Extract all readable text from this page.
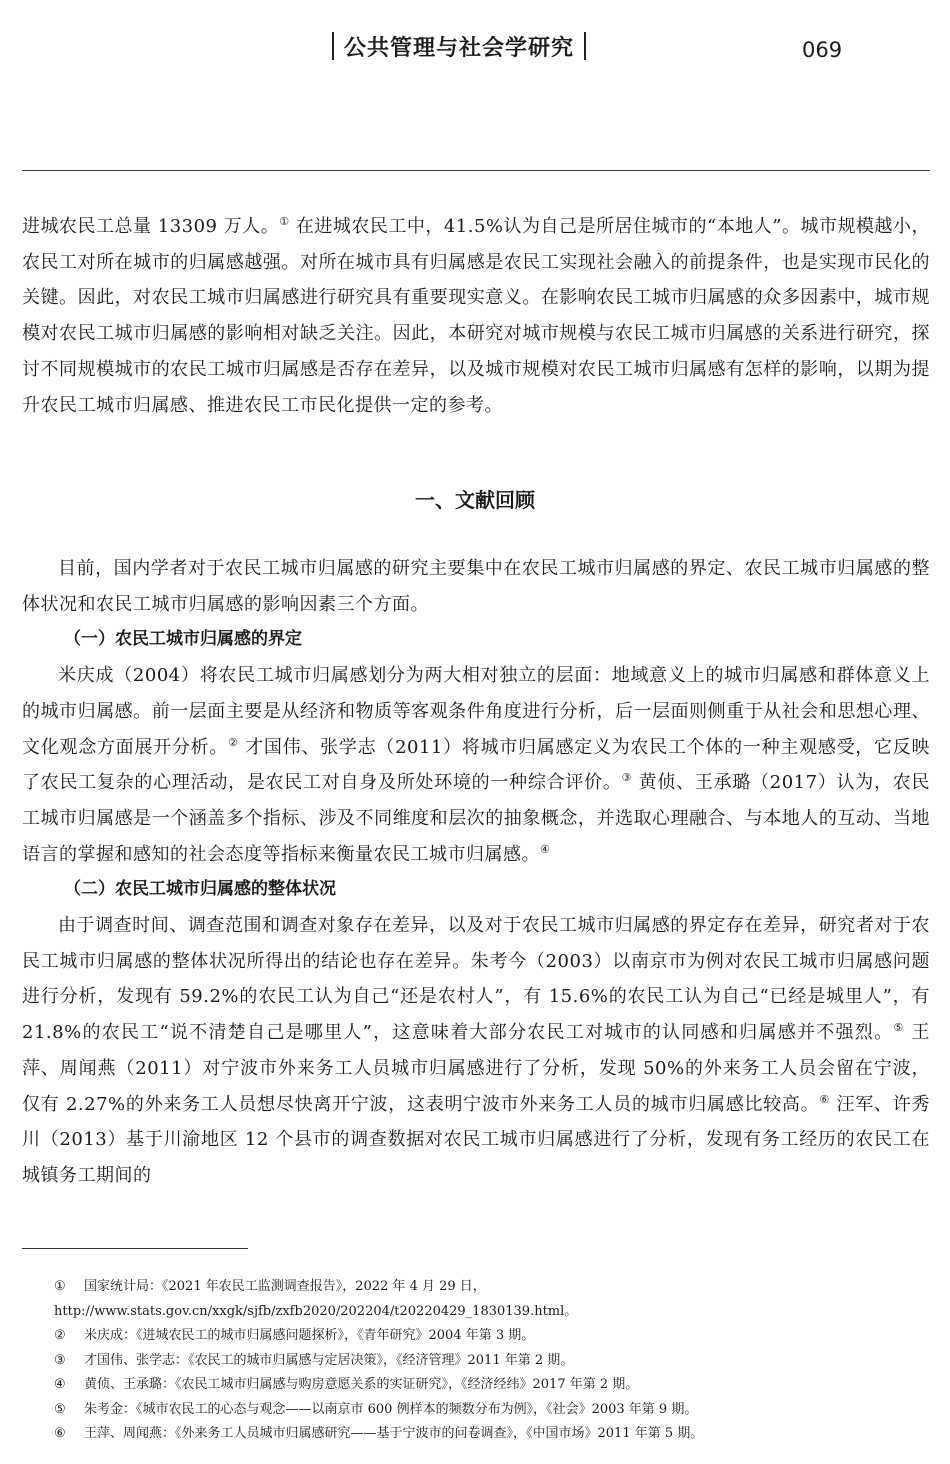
公共管理与社会学研究	069

进城农民工总量 13309 万人。① 在进城农民工中，41.5%认为自己是所居住城市的“本地人”。城市规模越小，农民工对所在城市的归属感越强。对所在城市具有归属感是农民工实现社会融入的前提条件，也是实现市民化的关键。因此，对农民工城市归属感进行研究具有重要现实意义。在影响农民工城市归属感的众多因素中，城市规模对农民工城市归属感的影响相对缺乏关注。因此，本研究对城市规模与农民工城市归属感的关系进行研究，探讨不同规模城市的农民工城市归属感是否存在差异，以及城市规模对农民工城市归属感有怎样的影响，以期为提升农民工城市归属感、推进农民工市民化提供一定的参考。

一、文献回顾

目前，国内学者对于农民工城市归属感的研究主要集中在农民工城市归属感的界定、农民工城市归属感的整体状况和农民工城市归属感的影响因素三个方面。

（一）农民工城市归属感的界定

米庆成（2004）将农民工城市归属感划分为两大相对独立的层面：地域意义上的城市归属感和群体意义上的城市归属感。前一层面主要是从经济和物质等客观条件角度进行分析，后一层面则侧重于从社会和思想心理、文化观念方面展开分析。② 才国伟、张学志（2011）将城市归属感定义为农民工个体的一种主观感受，它反映了农民工复杂的心理活动，是农民工对自身及所处环境的一种综合评价。③ 黄侦、王承璐（2017）认为，农民工城市归属感是一个涵盖多个指标、涉及不同维度和层次的抽象概念，并选取心理融合、与本地人的互动、当地语言的掌握和感知的社会态度等指标来衡量农民工城市归属感。④

（二）农民工城市归属感的整体状况

由于调查时间、调查范围和调查对象存在差异，以及对于农民工城市归属感的界定存在差异，研究者对于农民工城市归属感的整体状况所得出的结论也存在差异。朱考今（2003）以南京市为例对农民工城市归属感问题进行分析，发现有 59.2%的农民工认为自己“还是农村人”，有 15.6%的农民工认为自己“已经是城里人”，有 21.8%的农民工“说不清楚自己是哪里人”，这意味着大部分农民工对城市的认同感和归属感并不强烈。⑤ 王萍、周闻燕（2011）对宁波市外来务工人员城市归属感进行了分析，发现 50%的外来务工人员会留在宁波，仅有 2.27%的外来务工人员想尽快离开宁波，这表明宁波市外来务工人员的城市归属感比较高。⑥ 汪军、许秀川（2013）基于川渝地区 12 个县市的调查数据对农民工城市归属感进行了分析，发现有务工经历的农民工在城镇务工期间的

① 国家统计局：《2021 年农民工监测调查报告》，2022 年 4 月 29 日，http://www.stats.gov.cn/xxgk/sjfb/zxfb2020/202204/t20220429_1830139.html。

② 米庆成：《进城农民工的城市归属感问题探析》，《青年研究》2004 年第 3 期。

③ 才国伟、张学志：《农民工的城市归属感与定居决策》，《经济管理》2011 年第 2 期。

④ 黄侦、王承璐：《农民工城市归属感与购房意愿关系的实证研究》，《经济经纬》2017 年第 2 期。

⑤ 朱考金：《城市农民工的心态与观念——以南京市 600 例样本的频数分布为例》，《社会》2003 年第 9 期。

⑥ 王萍、周闻燕：《外来务工人员城市归属感研究——基于宁波市的问卷调查》，《中国市场》2011 年第 5 期。
